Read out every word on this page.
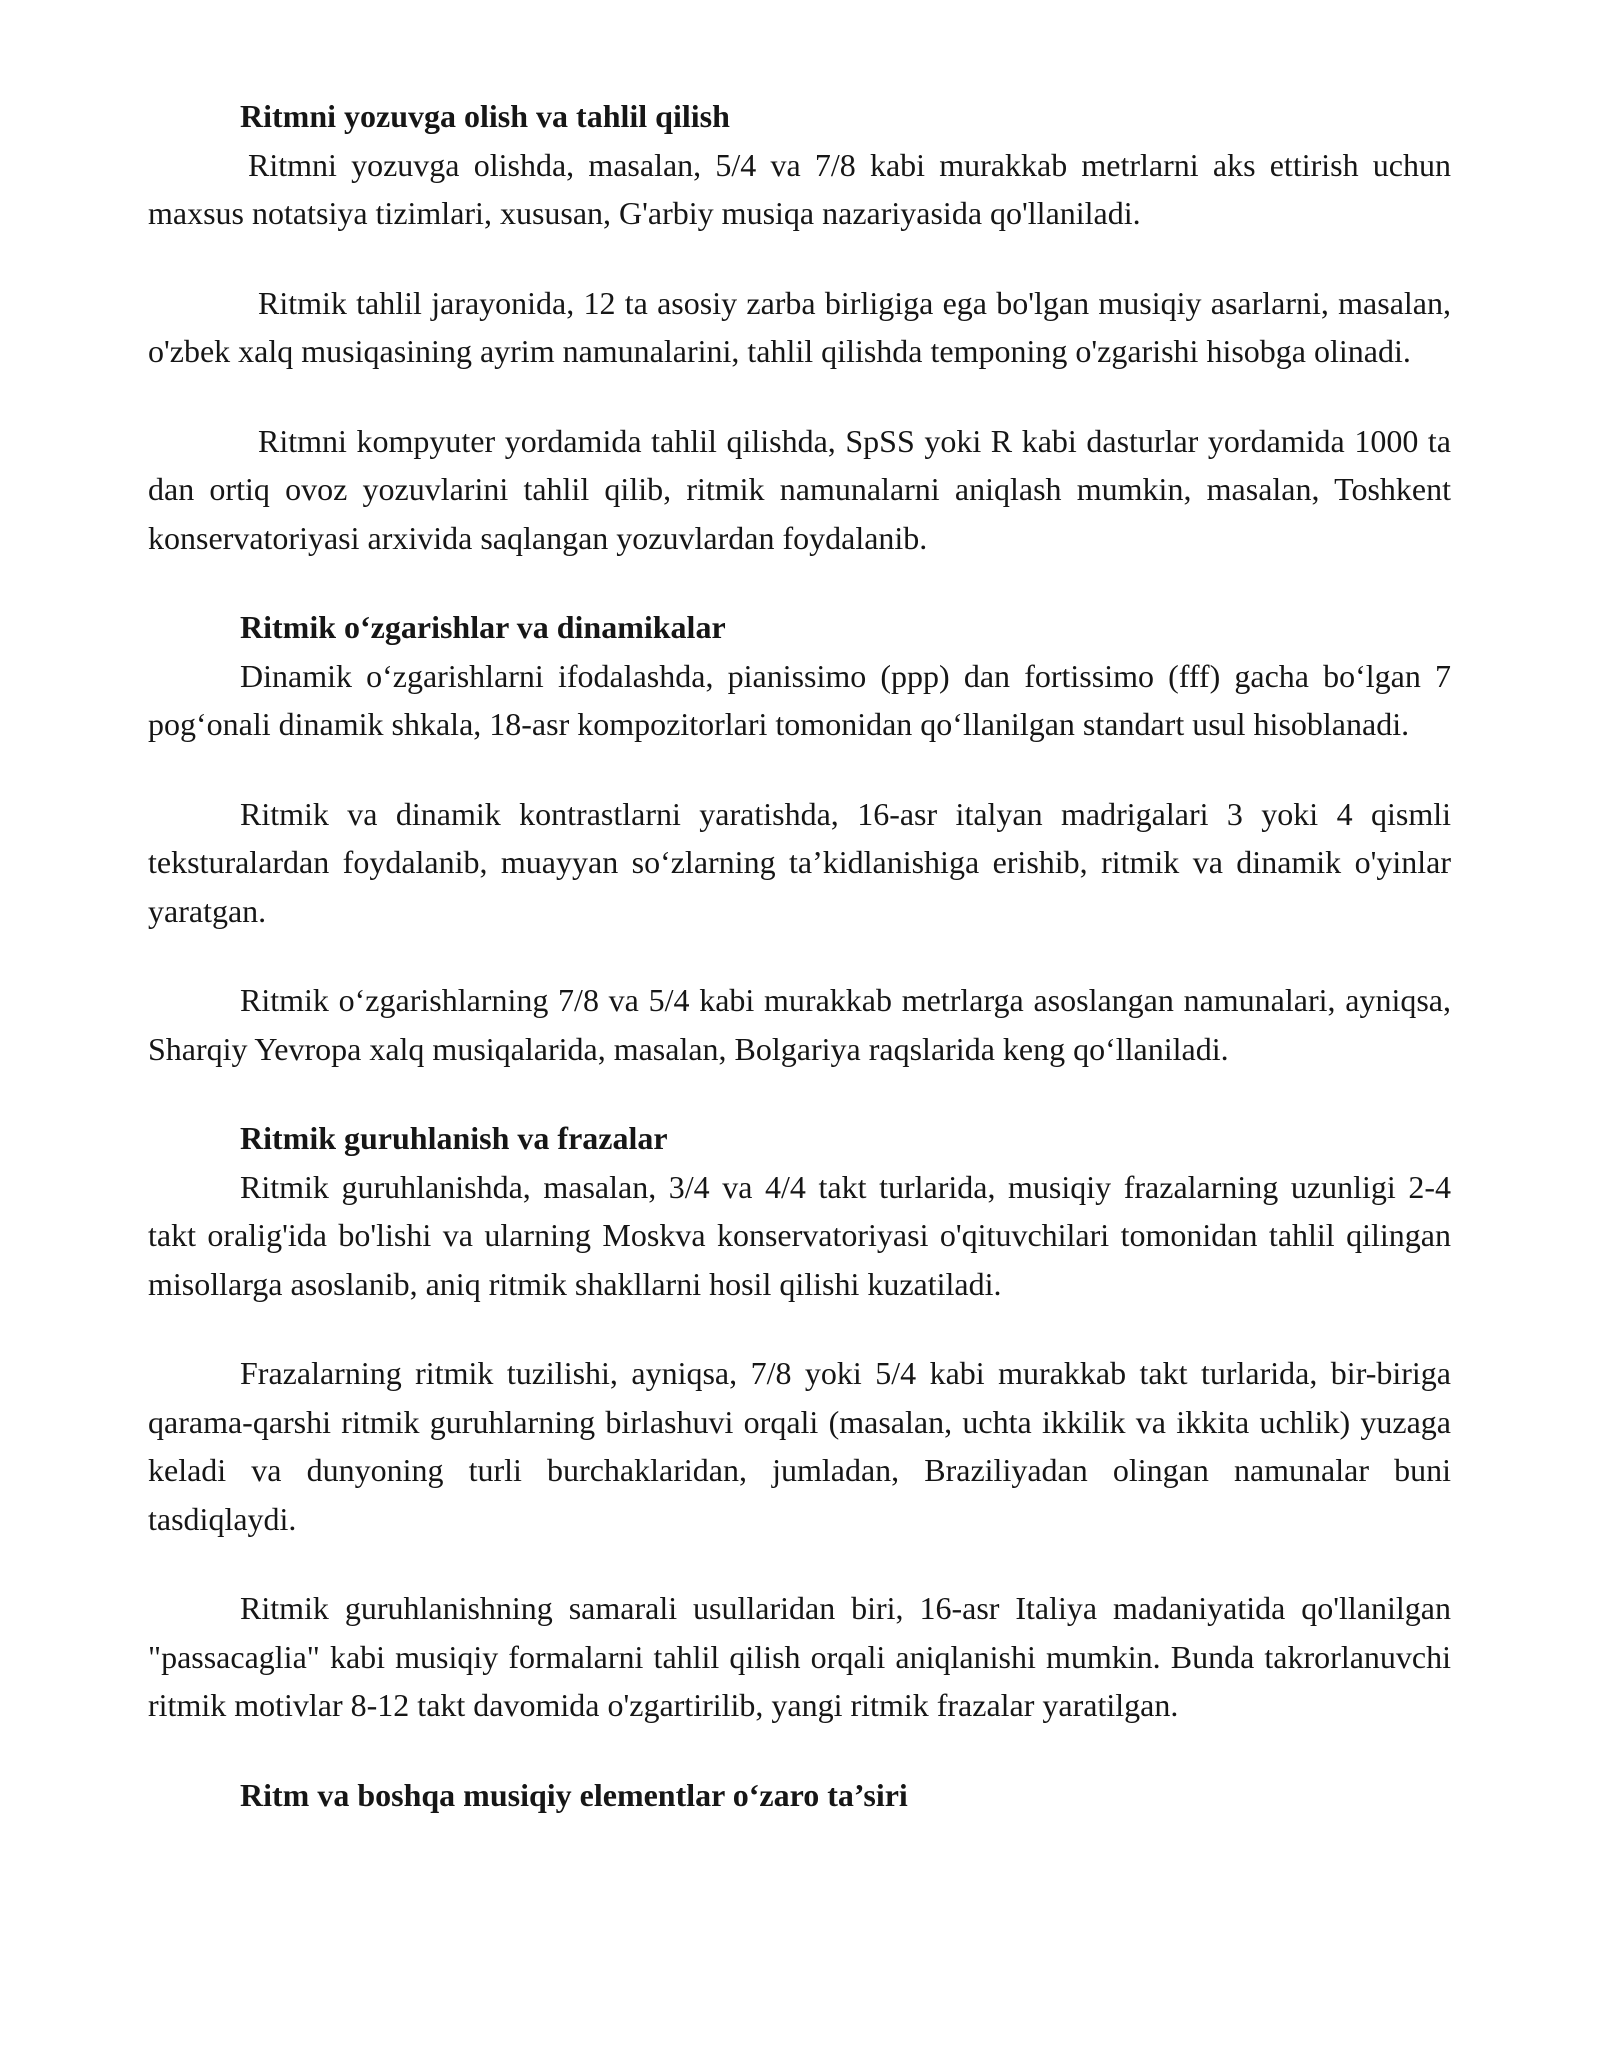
Ritmni yozuvga olish va tahlil qilish

Ritmni yozuvga olishda, masalan, 5/4 va 7/8 kabi murakkab metrlarni aks ettirish uchun maxsus notatsiya tizimlari, xususan, G'arbiy musiqa nazariyasida qo'llaniladi.

Ritmik tahlil jarayonida, 12 ta asosiy zarba birligiga ega bo'lgan musiqiy asarlarni, masalan, o'zbek xalq musiqasining ayrim namunalarini, tahlil qilishda temponing o'zgarishi hisobga olinadi.

Ritmni kompyuter yordamida tahlil qilishda, SpSS yoki R kabi dasturlar yordamida 1000 ta dan ortiq ovoz yozuvlarini tahlil qilib, ritmik namunalarni aniqlash mumkin, masalan, Toshkent konservatoriyasi arxivida saqlangan yozuvlardan foydalanib.

Ritmik o‘zgarishlar va dinamikalar

Dinamik o‘zgarishlarni ifodalashda, pianissimo (ppp) dan fortissimo (fff) gacha bo‘lgan 7 pog‘onali dinamik shkala, 18-asr kompozitorlari tomonidan qo‘llanilgan standart usul hisoblanadi.

Ritmik va dinamik kontrastlarni yaratishda, 16-asr italyan madrigalari 3 yoki 4 qismli teksturalardan foydalanib, muayyan so‘zlarning ta’kidlanishiga erishib, ritmik va dinamik o'yinlar yaratgan.

Ritmik o‘zgarishlarning 7/8 va 5/4 kabi murakkab metrlarga asoslangan namunalari, ayniqsa, Sharqiy Yevropa xalq musiqalarida, masalan, Bolgariya raqslarida keng qo‘llaniladi.

Ritmik guruhlanish va frazalar

Ritmik guruhlanishda, masalan, 3/4 va 4/4 takt turlarida, musiqiy frazalarning uzunligi 2-4 takt oralig'ida bo'lishi va ularning Moskva konservatoriyasi o'qituvchilari tomonidan tahlil qilingan misollarga asoslanib, aniq ritmik shakllarni hosil qilishi kuzatiladi.

Frazalarning ritmik tuzilishi, ayniqsa, 7/8 yoki 5/4 kabi murakkab takt turlarida, bir-biriga qarama-qarshi ritmik guruhlarning birlashuvi orqali (masalan, uchta ikkilik va ikkita uchlik) yuzaga keladi va dunyoning turli burchaklaridan, jumladan, Braziliyadan olingan namunalar buni tasdiqlaydi.

Ritmik guruhlanishning samarali usullaridan biri, 16-asr Italiya madaniyatida qo'llanilgan "passacaglia" kabi musiqiy formalarni tahlil qilish orqali aniqlanishi mumkin. Bunda takrorlanuvchi ritmik motivlar 8-12 takt davomida o'zgartirilib, yangi ritmik frazalar yaratilgan.

Ritm va boshqa musiqiy elementlar o‘zaro ta’siri
